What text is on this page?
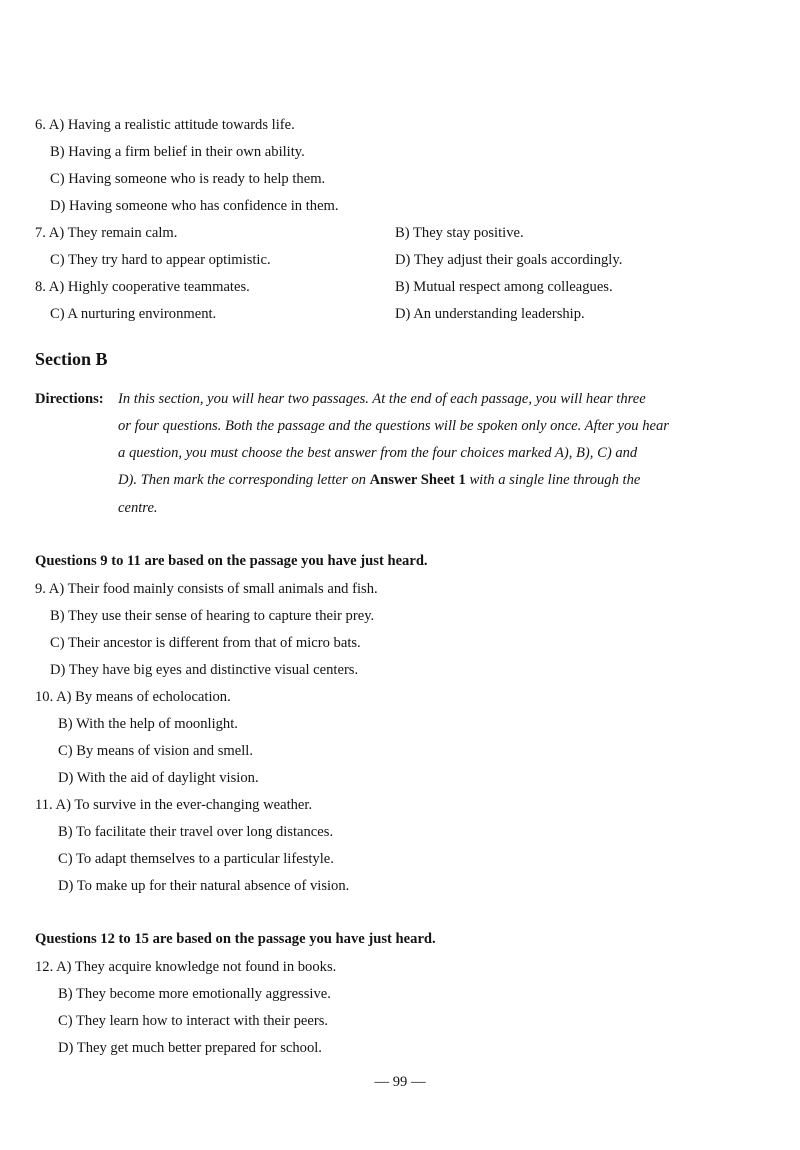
6. A) Having a realistic attitude towards life.
B) Having a firm belief in their own ability.
C) Having someone who is ready to help them.
D) Having someone who has confidence in them.
7. A) They remain calm.	B) They stay positive.
C) They try hard to appear optimistic.	D) They adjust their goals accordingly.
8. A) Highly cooperative teammates.	B) Mutual respect among colleagues.
C) A nurturing environment.	D) An understanding leadership.
Section B
Directions: In this section, you will hear two passages. At the end of each passage, you will hear three
or four questions. Both the passage and the questions will be spoken only once. After you hear
a question, you must choose the best answer from the four choices marked A), B), C) and
D). Then mark the corresponding letter on Answer Sheet 1 with a single line through the
centre.
Questions 9 to 11 are based on the passage you have just heard.
9. A) Their food mainly consists of small animals and fish.
B) They use their sense of hearing to capture their prey.
C) Their ancestor is different from that of micro bats.
D) They have big eyes and distinctive visual centers.
10. A) By means of echolocation.
B) With the help of moonlight.
C) By means of vision and smell.
D) With the aid of daylight vision.
11. A) To survive in the ever-changing weather.
B) To facilitate their travel over long distances.
C) To adapt themselves to a particular lifestyle.
D) To make up for their natural absence of vision.
Questions 12 to 15 are based on the passage you have just heard.
12. A) They acquire knowledge not found in books.
B) They become more emotionally aggressive.
C) They learn how to interact with their peers.
D) They get much better prepared for school.
— 99 —
